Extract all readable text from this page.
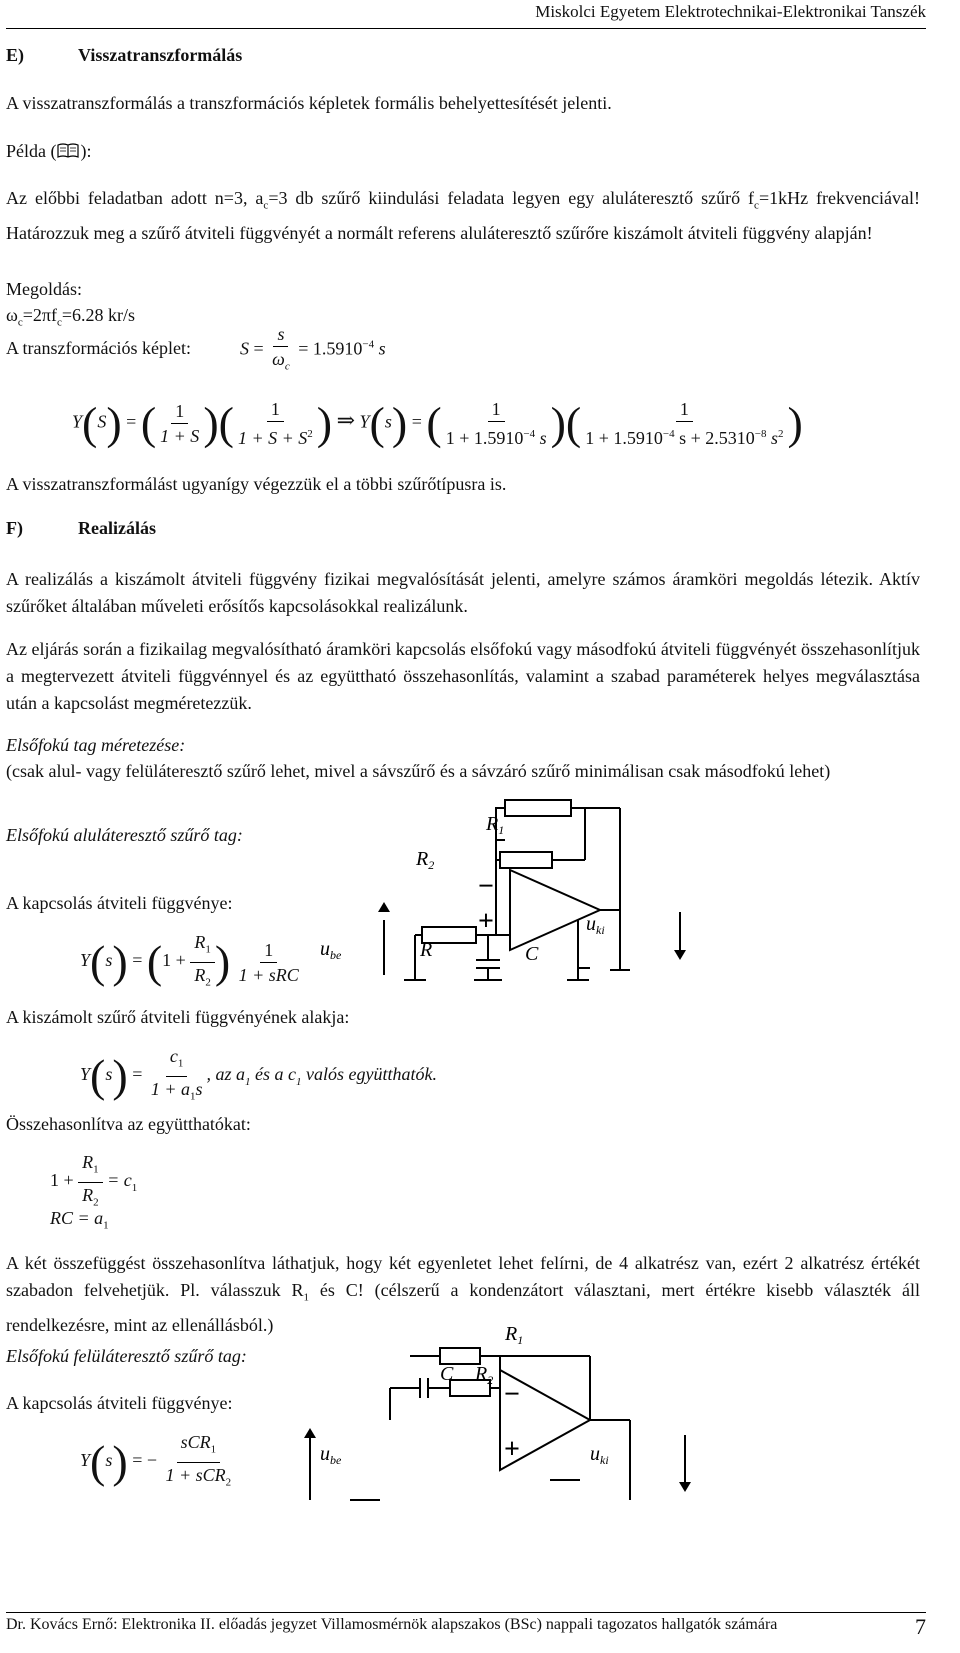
Miskolci Egyetem Elektrotechnikai-Elektronikai Tanszék
E)	Visszatranszformálás
A visszatranszformálás a transzformációs képletek formális behelyettesítését jelenti.
Példa ( ):
Az előbbi feladatban adott n=3, $a_c=3$ db szűrő kiindulási feladata legyen egy aluláteresztő szűrő $f_c=1kHz$ frekvenciával! Határozzuk meg a szűrő átviteli függvényét a normált referens aluláteresztő szűrőre kiszámolt átviteli függvény alapján!
Megoldás:
$\omega_c=2\pi f_c=6.28$ kr/s
A transzformációs képlet:	$S = \frac{s}{\omega_c} = 1.5910^{-4}$ s
Y(S) = ( $\frac{1}{1 + S}$ )( $\frac{1}{1 + S + S^2}$ ) ⇒ Y(s) = ( $\frac{1}{1 + 1.5910^{-4} s}$ )( $\frac{1}{1 + 1.5910^{-4} s + 2.5310^{-8} s^2}$ )
A visszatranszformálást ugyanígy végezzük el a többi szűrőtípusra is.
F)	Realizálás
A realizálás a kiszámolt átviteli függvény fizikai megvalósítását jelenti, amelyre számos áramköri megoldás létezik. Aktív szűrőket általában műveleti erősítős kapcsolásokkal realizálunk.
Az eljárás során a fizikailag megvalósítható áramköri kapcsolás elsőfokú vagy másodfokú átviteli függvényét összehasonlítjuk a megtervezett átviteli függvénnyel és az együttható összehasonlítás, valamint a szabad paraméterek helyes megválasztása után a kapcsolást megméretezzük.
Elsőfokú tag méretezése:
(csak alul- vagy felüláteresztő szűrő lehet, mivel a sávszűrő és a sávzáró szűrő minimálisan csak másodfokú lehet)
Elsőfokú aluláteresztő szűrő tag:
A kapcsolás átviteli függvénye:
$Y(s) = (1 + \frac{R_1}{R_2}$ ) $\frac{1}{\text{1 + sRC}}$
A kiszámolt szűrő átviteli függvényének alakja:
$Y(s) = \frac{c_1}{1 + a_1s}$ , az $a_1$ és a $c_1$ valós együtthatók.
Összehasonlítva az együtthatókat:
$1 + \frac{R_1}{R_2} = c_1$
RC = $a_1$
A két összefüggést összehasonlítva láthatjuk, hogy két egyenletet lehet felírni, de 4 alkatrész van, ezért 2 alkatrész értékét szabadon felvehetjük. Pl. válasszuk $R_1$ és C! (célszerű a kondenzátort választani, mert értékre kisebb választék áll rendelkezésre, mint az ellenállásból.)
Elsőfokú felüláteresztő szűrő tag:
A kapcsolás átviteli függvénye:
Y(s) = − $\frac{sCR_1}{1 + sCR_2}$
$R_1$
$R_2$
R	C
$u_{be}$
$u_{ki}$
−
+
$R_1$
$R_2$
C
$u_{be}$	$u_{ki}$
−
+
Dr. Kovács Ernő: Elektronika II. előadás jegyzet Villamosmérnök alapszakos (BSc) nappali tagozatos hallgatók számára	7
